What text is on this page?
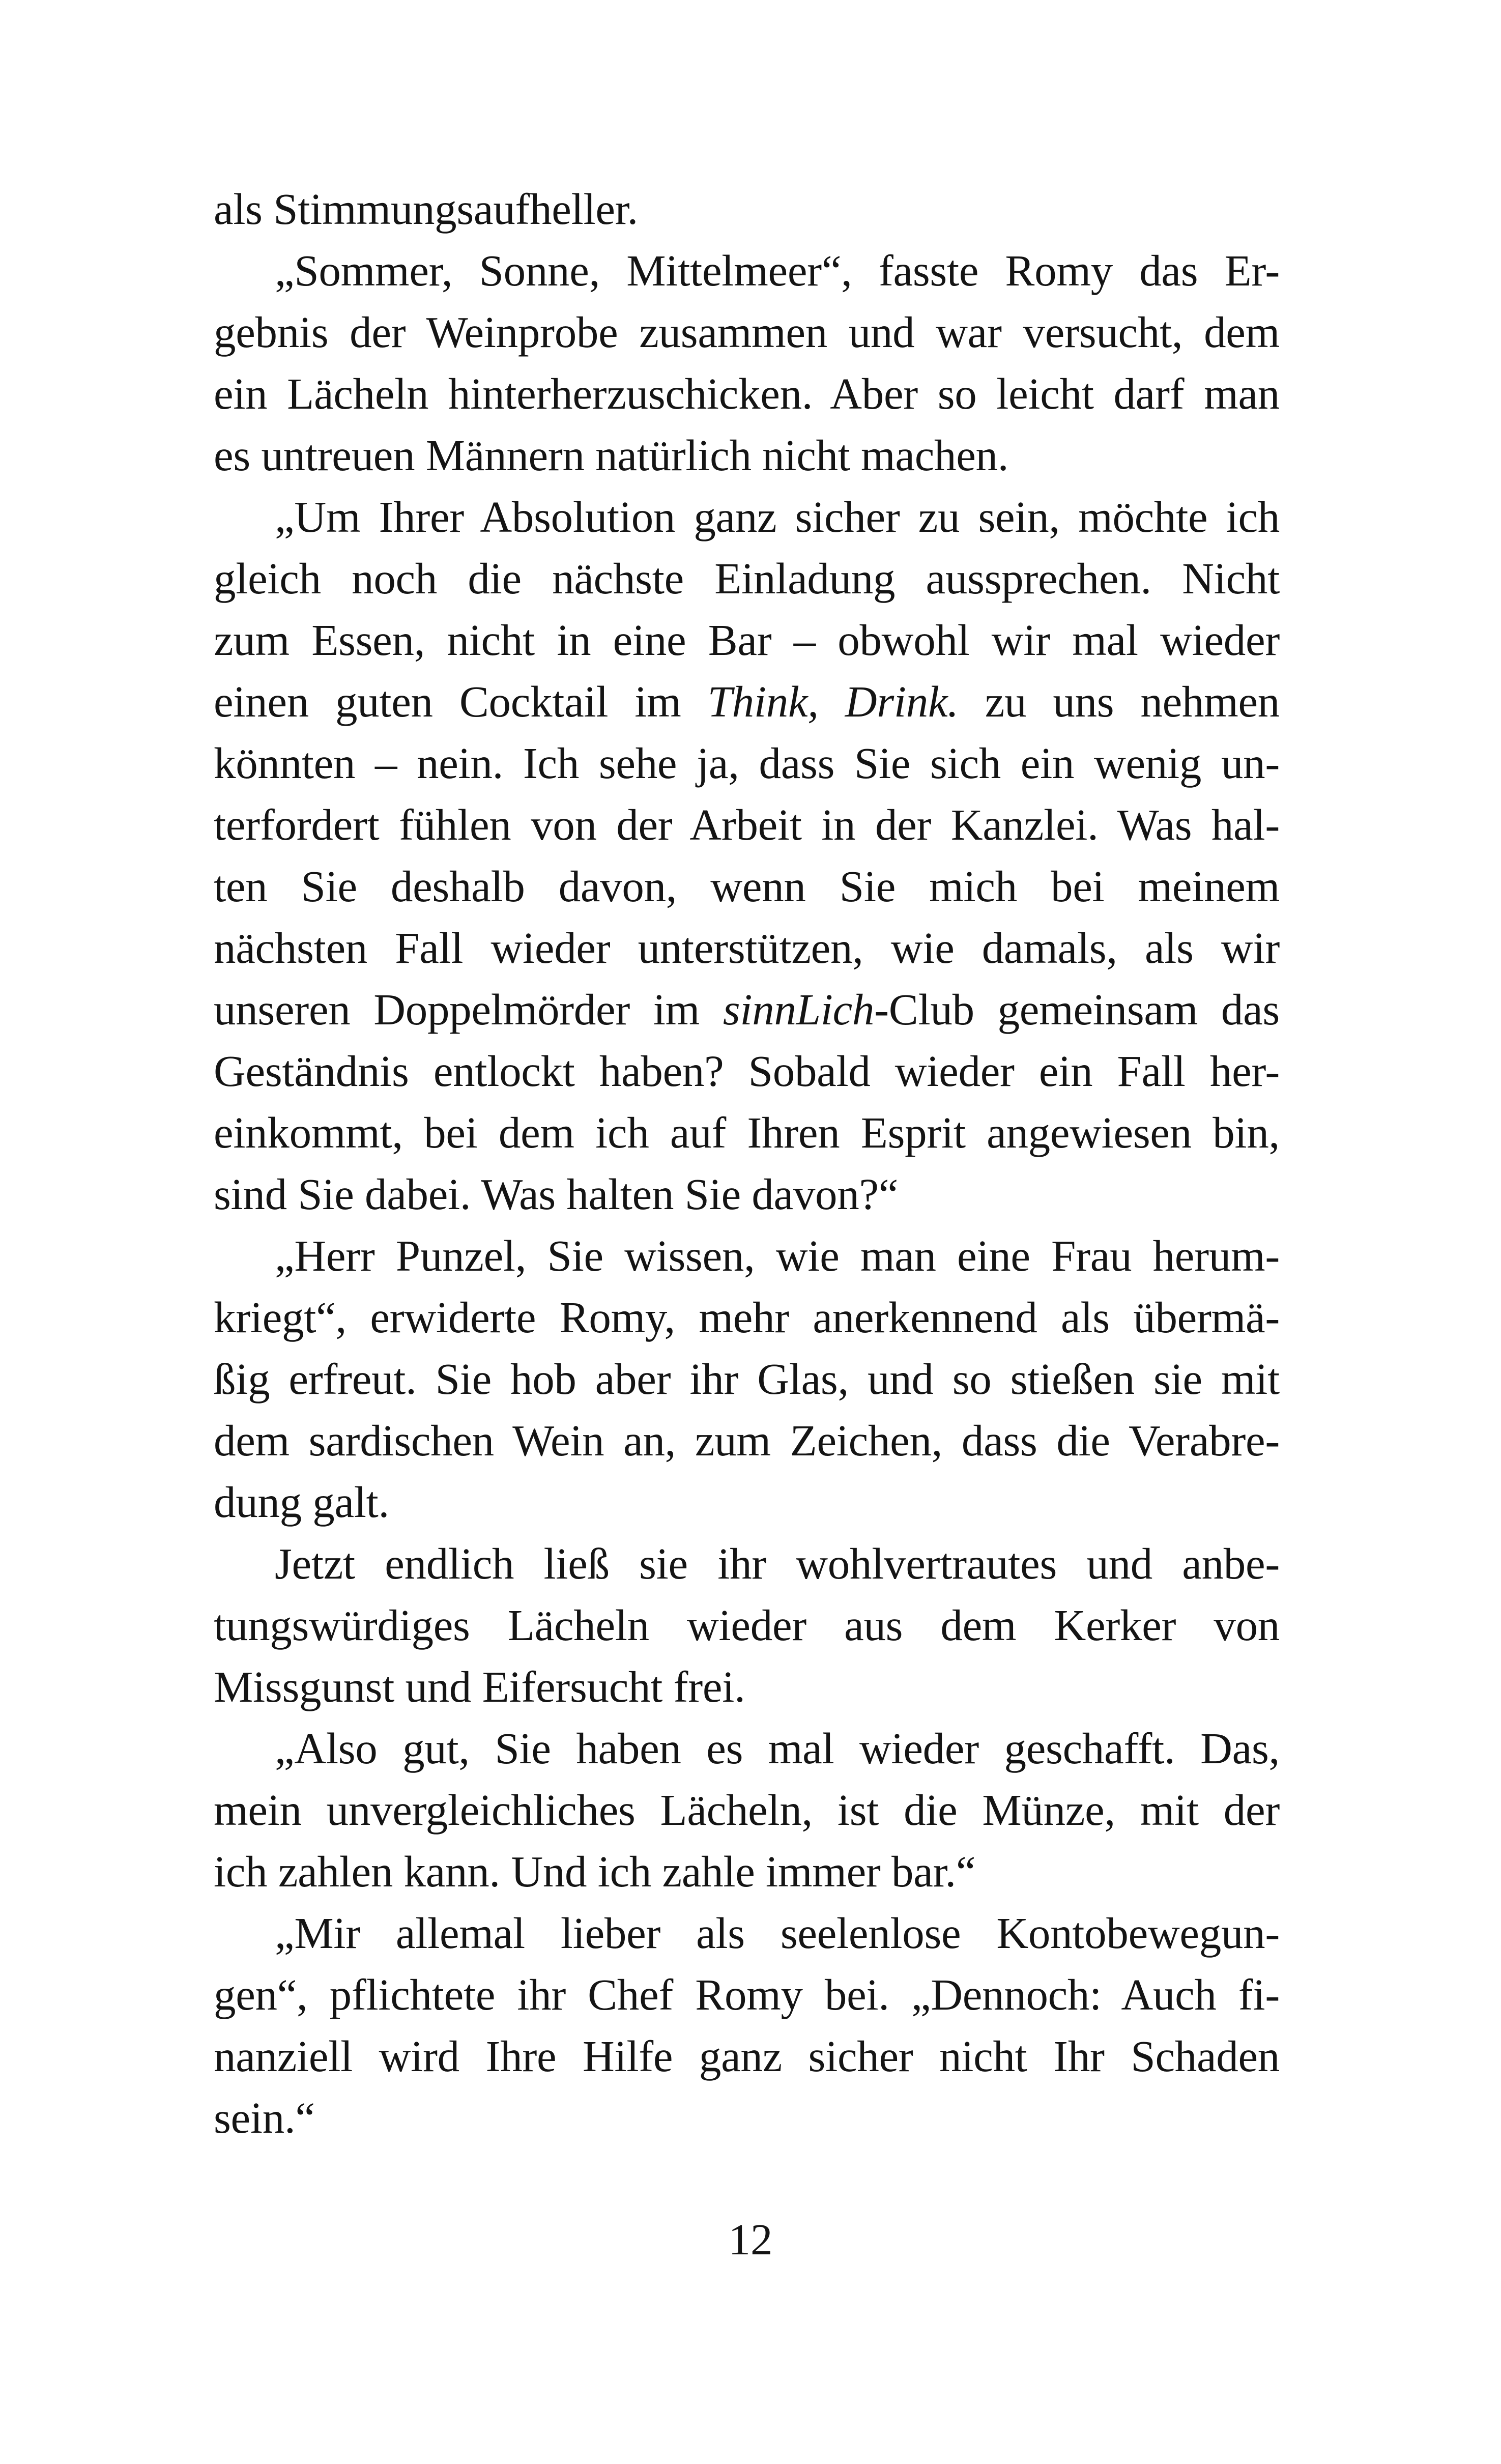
als Stimmungsaufheller.
„Sommer, Sonne, Mittelmeer“, fasste Romy das Er-
gebnis der Weinprobe zusammen und war versucht, dem
ein Lächeln hinterherzuschicken. Aber so leicht darf man
es untreuen Männern natürlich nicht machen.
„Um Ihrer Absolution ganz sicher zu sein, möchte ich
gleich noch die nächste Einladung aussprechen. Nicht
zum Essen, nicht in eine Bar – obwohl wir mal wieder
einen guten Cocktail im Think, Drink. zu uns nehmen
könnten – nein. Ich sehe ja, dass Sie sich ein wenig un-
terfordert fühlen von der Arbeit in der Kanzlei. Was hal-
ten Sie deshalb davon, wenn Sie mich bei meinem
nächsten Fall wieder unterstützen, wie damals, als wir
unseren Doppelmörder im sinnLich-Club gemeinsam das
Geständnis entlockt haben? Sobald wieder ein Fall her-
einkommt, bei dem ich auf Ihren Esprit angewiesen bin,
sind Sie dabei. Was halten Sie davon?“
„Herr Punzel, Sie wissen, wie man eine Frau herum-
kriegt“, erwiderte Romy, mehr anerkennend als übermä-
ßig erfreut. Sie hob aber ihr Glas, und so stießen sie mit
dem sardischen Wein an, zum Zeichen, dass die Verabre-
dung galt.
Jetzt endlich ließ sie ihr wohlvertrautes und anbe-
tungswürdiges Lächeln wieder aus dem Kerker von
Missgunst und Eifersucht frei.
„Also gut, Sie haben es mal wieder geschafft. Das,
mein unvergleichliches Lächeln, ist die Münze, mit der
ich zahlen kann. Und ich zahle immer bar.“
„Mir allemal lieber als seelenlose Kontobewegun-
gen“, pflichtete ihr Chef Romy bei. „Dennoch: Auch fi-
nanziell wird Ihre Hilfe ganz sicher nicht Ihr Schaden
sein.“
12
